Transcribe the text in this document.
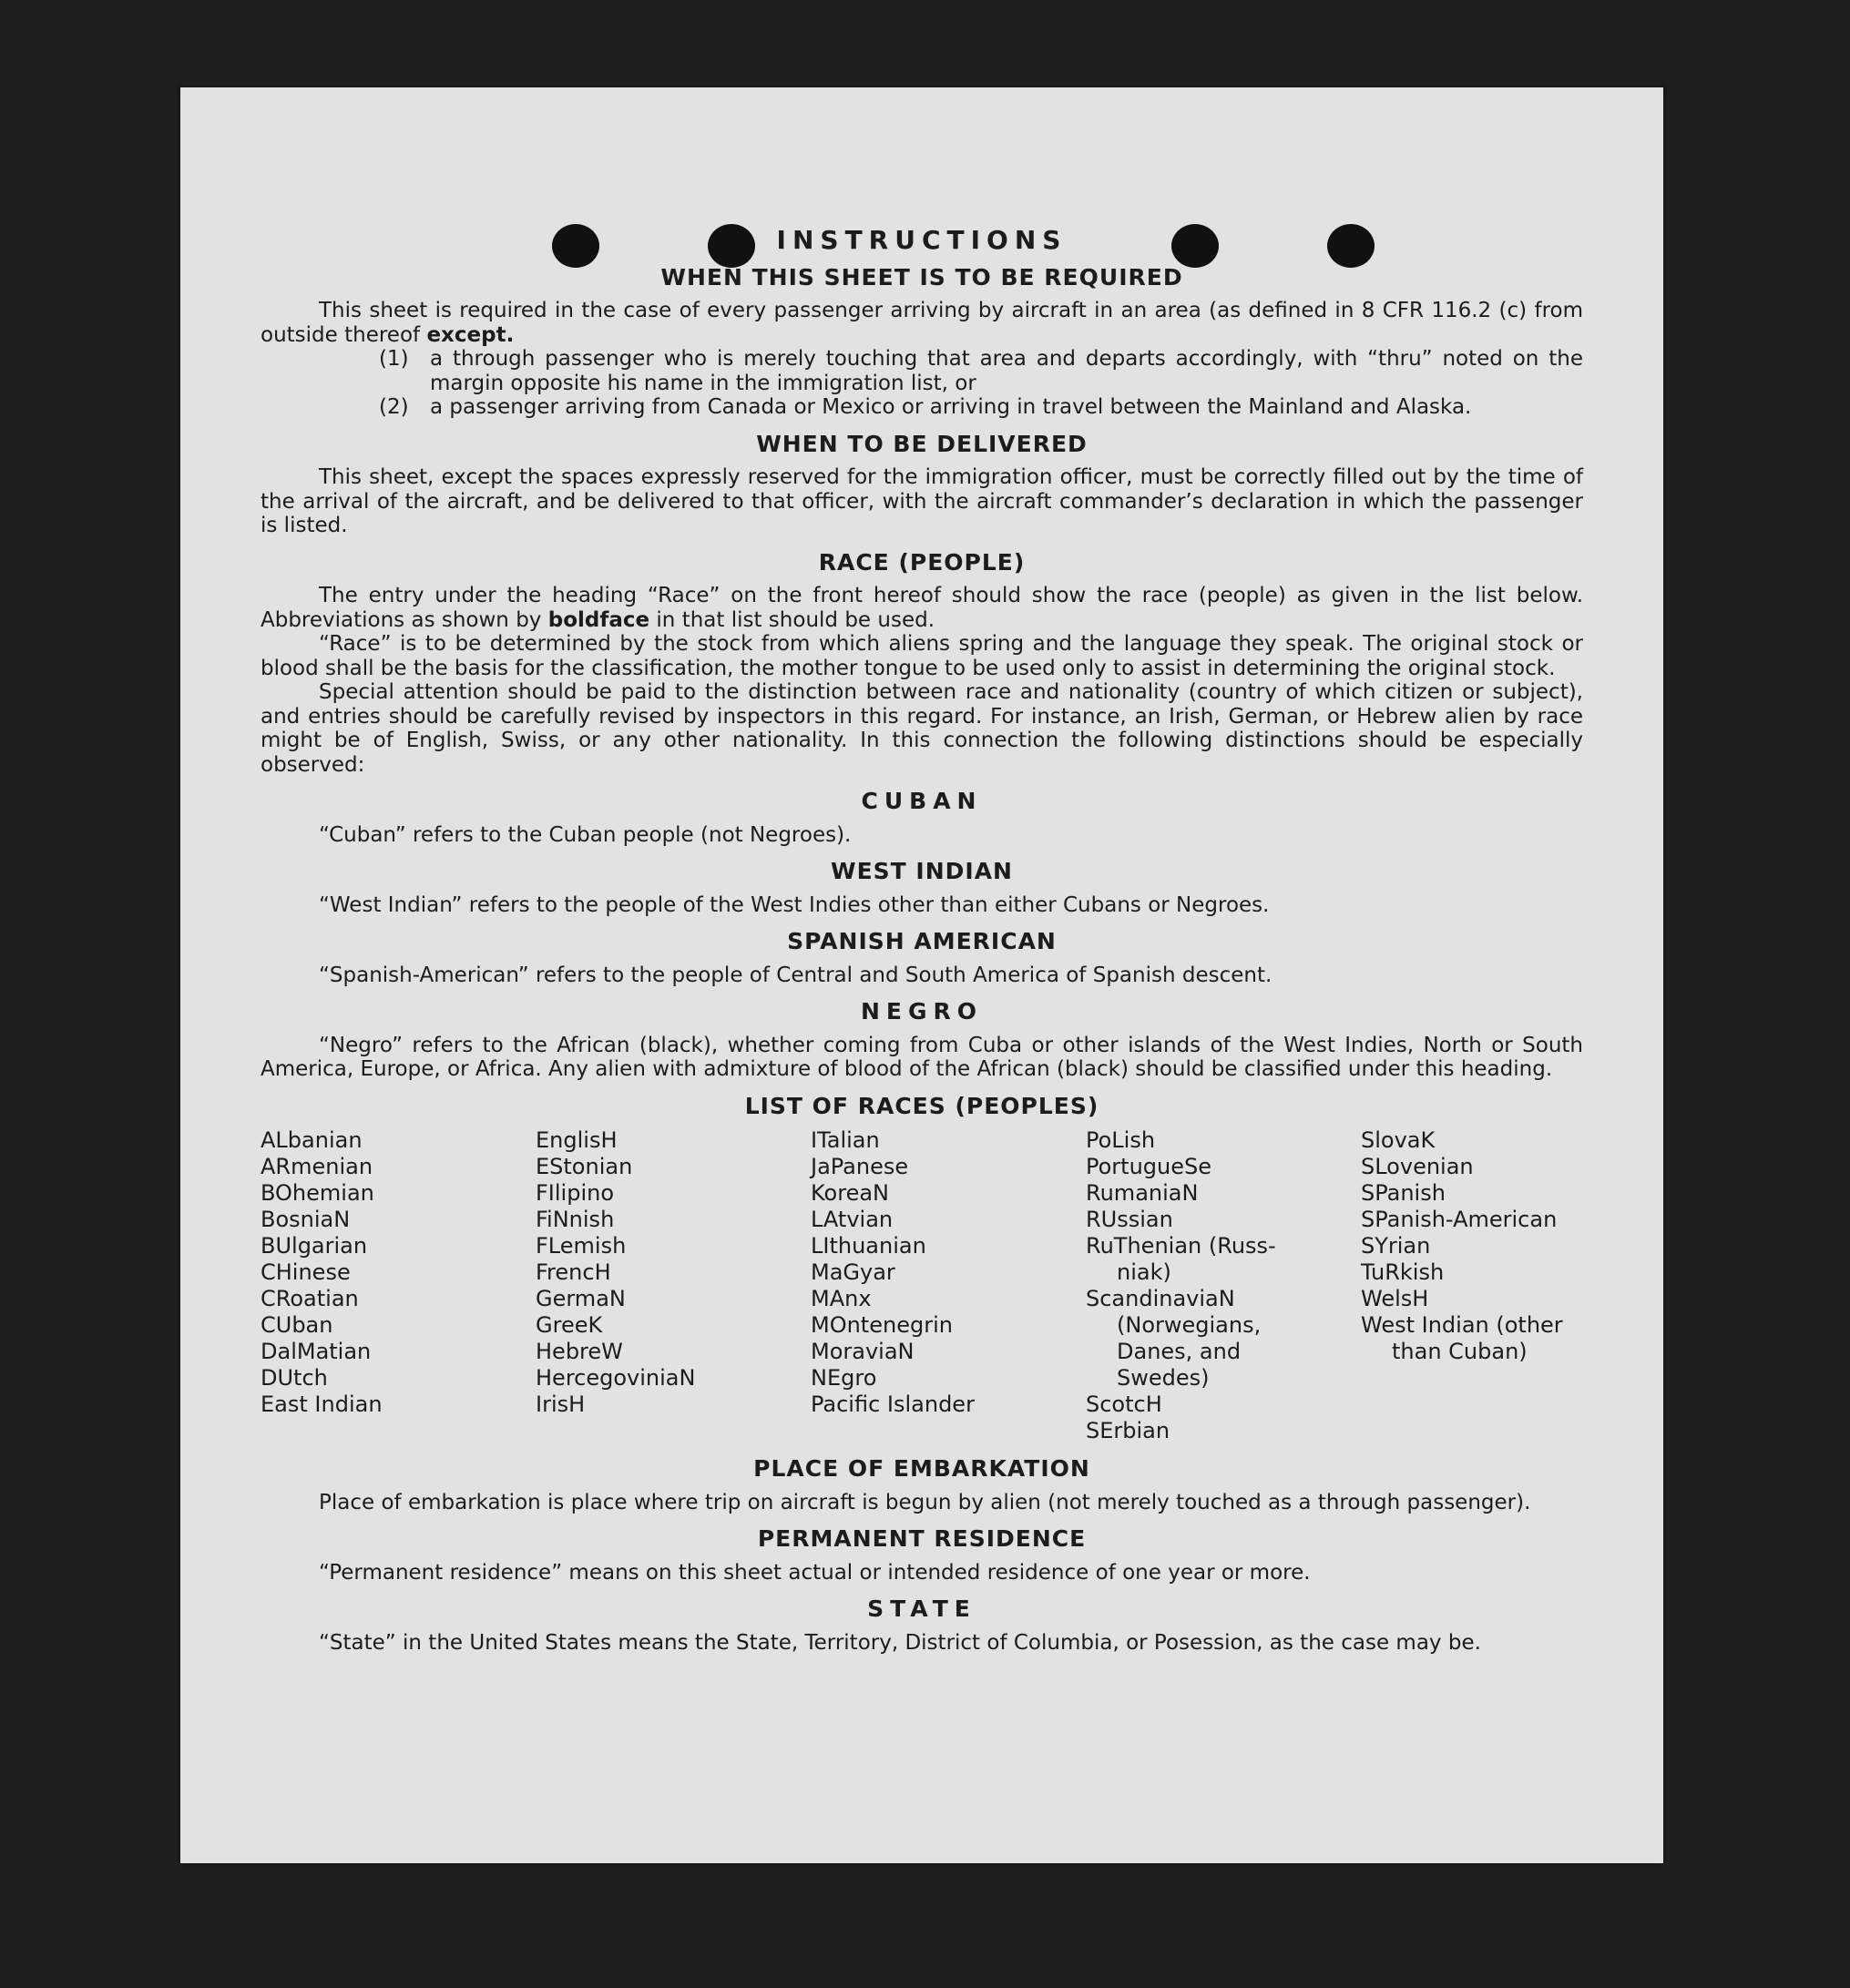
INSTRUCTIONS
WHEN THIS SHEET IS TO BE REQUIRED

This sheet is required in the case of every passenger arriving by aircraft in an area (as defined in 8 CFR 116.2 (c) from outside thereof except.

(1)	a through passenger who is merely touching that area and departs accordingly, with “thru” noted on the margin opposite his name in the immigration list, or
(2)	a passenger arriving from Canada or Mexico or arriving in travel between the Mainland and Alaska.
WHEN TO BE DELIVERED

This sheet, except the spaces expressly reserved for the immigration officer, must be correctly filled out by the time of the arrival of the aircraft, and be delivered to that officer, with the aircraft commander’s declaration in which the passenger is listed.

RACE (PEOPLE)

The entry under the heading “Race” on the front hereof should show the race (people) as given in the list below. Abbreviations as shown by boldface in that list should be used.

“Race” is to be determined by the stock from which aliens spring and the language they speak. The original stock or blood shall be the basis for the classification, the mother tongue to be used only to assist in determining the original stock.

Special attention should be paid to the distinction between race and nationality (country of which citizen or subject), and entries should be carefully revised by inspectors in this regard. For instance, an Irish, German, or Hebrew alien by race might be of English, Swiss, or any other nationality. In this connection the following distinctions should be especially observed:

CUBAN

“Cuban” refers to the Cuban people (not Negroes).

WEST INDIAN

“West Indian” refers to the people of the West Indies other than either Cubans or Negroes.

SPANISH AMERICAN

“Spanish-American” refers to the people of Central and South America of Spanish descent.

NEGRO

“Negro” refers to the African (black), whether coming from Cuba or other islands of the West Indies, North or South America, Europe, or Africa. Any alien with admixture of blood of the African (black) should be classified under this heading.

LIST OF RACES (PEOPLES)
ALbanian
ARmenian
BOhemian
BosniaN
BUlgarian
CHinese
CRoatian
CUban
DalMatian
DUtch
East Indian
EnglisH
EStonian
FIlipino
FiNnish
FLemish
FrencH
GermaN
GreeK
HebreW
HercegoviniaN
IrisH
ITalian
JaPanese
KoreaN
LAtvian
LIthuanian
MaGyar
MAnx
MOntenegrin
MoraviaN
NEgro
Pacific Islander
PoLish
PortugueSe
RumaniaN
RUssian
RuThenian (Russ-
niak)
ScandinaviaN
(Norwegians,
Danes, and
Swedes)
ScotcH
SErbian
SlovaK
SLovenian
SPanish
SPanish-American
SYrian
TuRkish
WelsH
West Indian (other
than Cuban)
PLACE OF EMBARKATION

Place of embarkation is place where trip on aircraft is begun by alien (not merely touched as a through passenger).

PERMANENT RESIDENCE

“Permanent residence” means on this sheet actual or intended residence of one year or more.

STATE

“State” in the United States means the State, Territory, District of Columbia, or Posession, as the case may be.
